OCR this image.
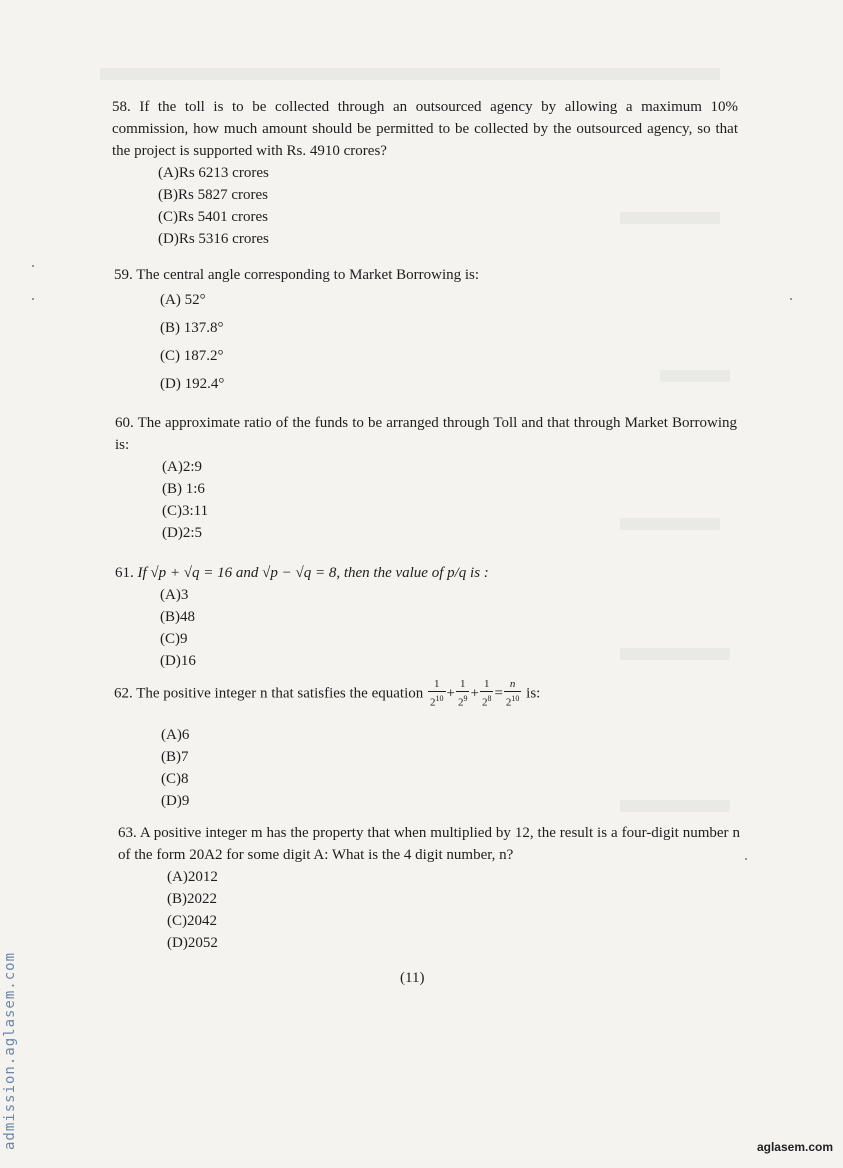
58. If the toll is to be collected through an outsourced agency by allowing a maximum 10% commission, how much amount should be permitted to be collected by the outsourced agency, so that the project is supported with Rs. 4910 crores?

(A)Rs 6213 crores

(B)Rs 5827 crores

(C)Rs 5401 crores

(D)Rs 5316 crores

59. The central angle corresponding to Market Borrowing is:

(A) 52°

(B) 137.8°

(C) 187.2°

(D) 192.4°

60. The approximate ratio of the funds to be arranged through Toll and that through Market Borrowing is:

(A)2:9

(B) 1:6

(C)3:11

(D)2:5

61. If √p + √q = 16 and √p − √q = 8, then the value of p/q is :

(A)3

(B)48

(C)9

(D)16

62. The positive integer n that satisfies the equation $\frac{1}{2^{10}} + \frac{1}{2^9} + \frac{1}{2^8} = \frac{n}{2^{10}}$ is:

(A)6

(B)7

(C)8

(D)9

63. A positive integer m has the property that when multiplied by 12, the result is a four-digit number n of the form 20A2 for some digit A: What is the 4 digit number, n?

(A)2012

(B)2022

(C)2042

(D)2052

(11)
admission.aglasem.com	aglasem.com
